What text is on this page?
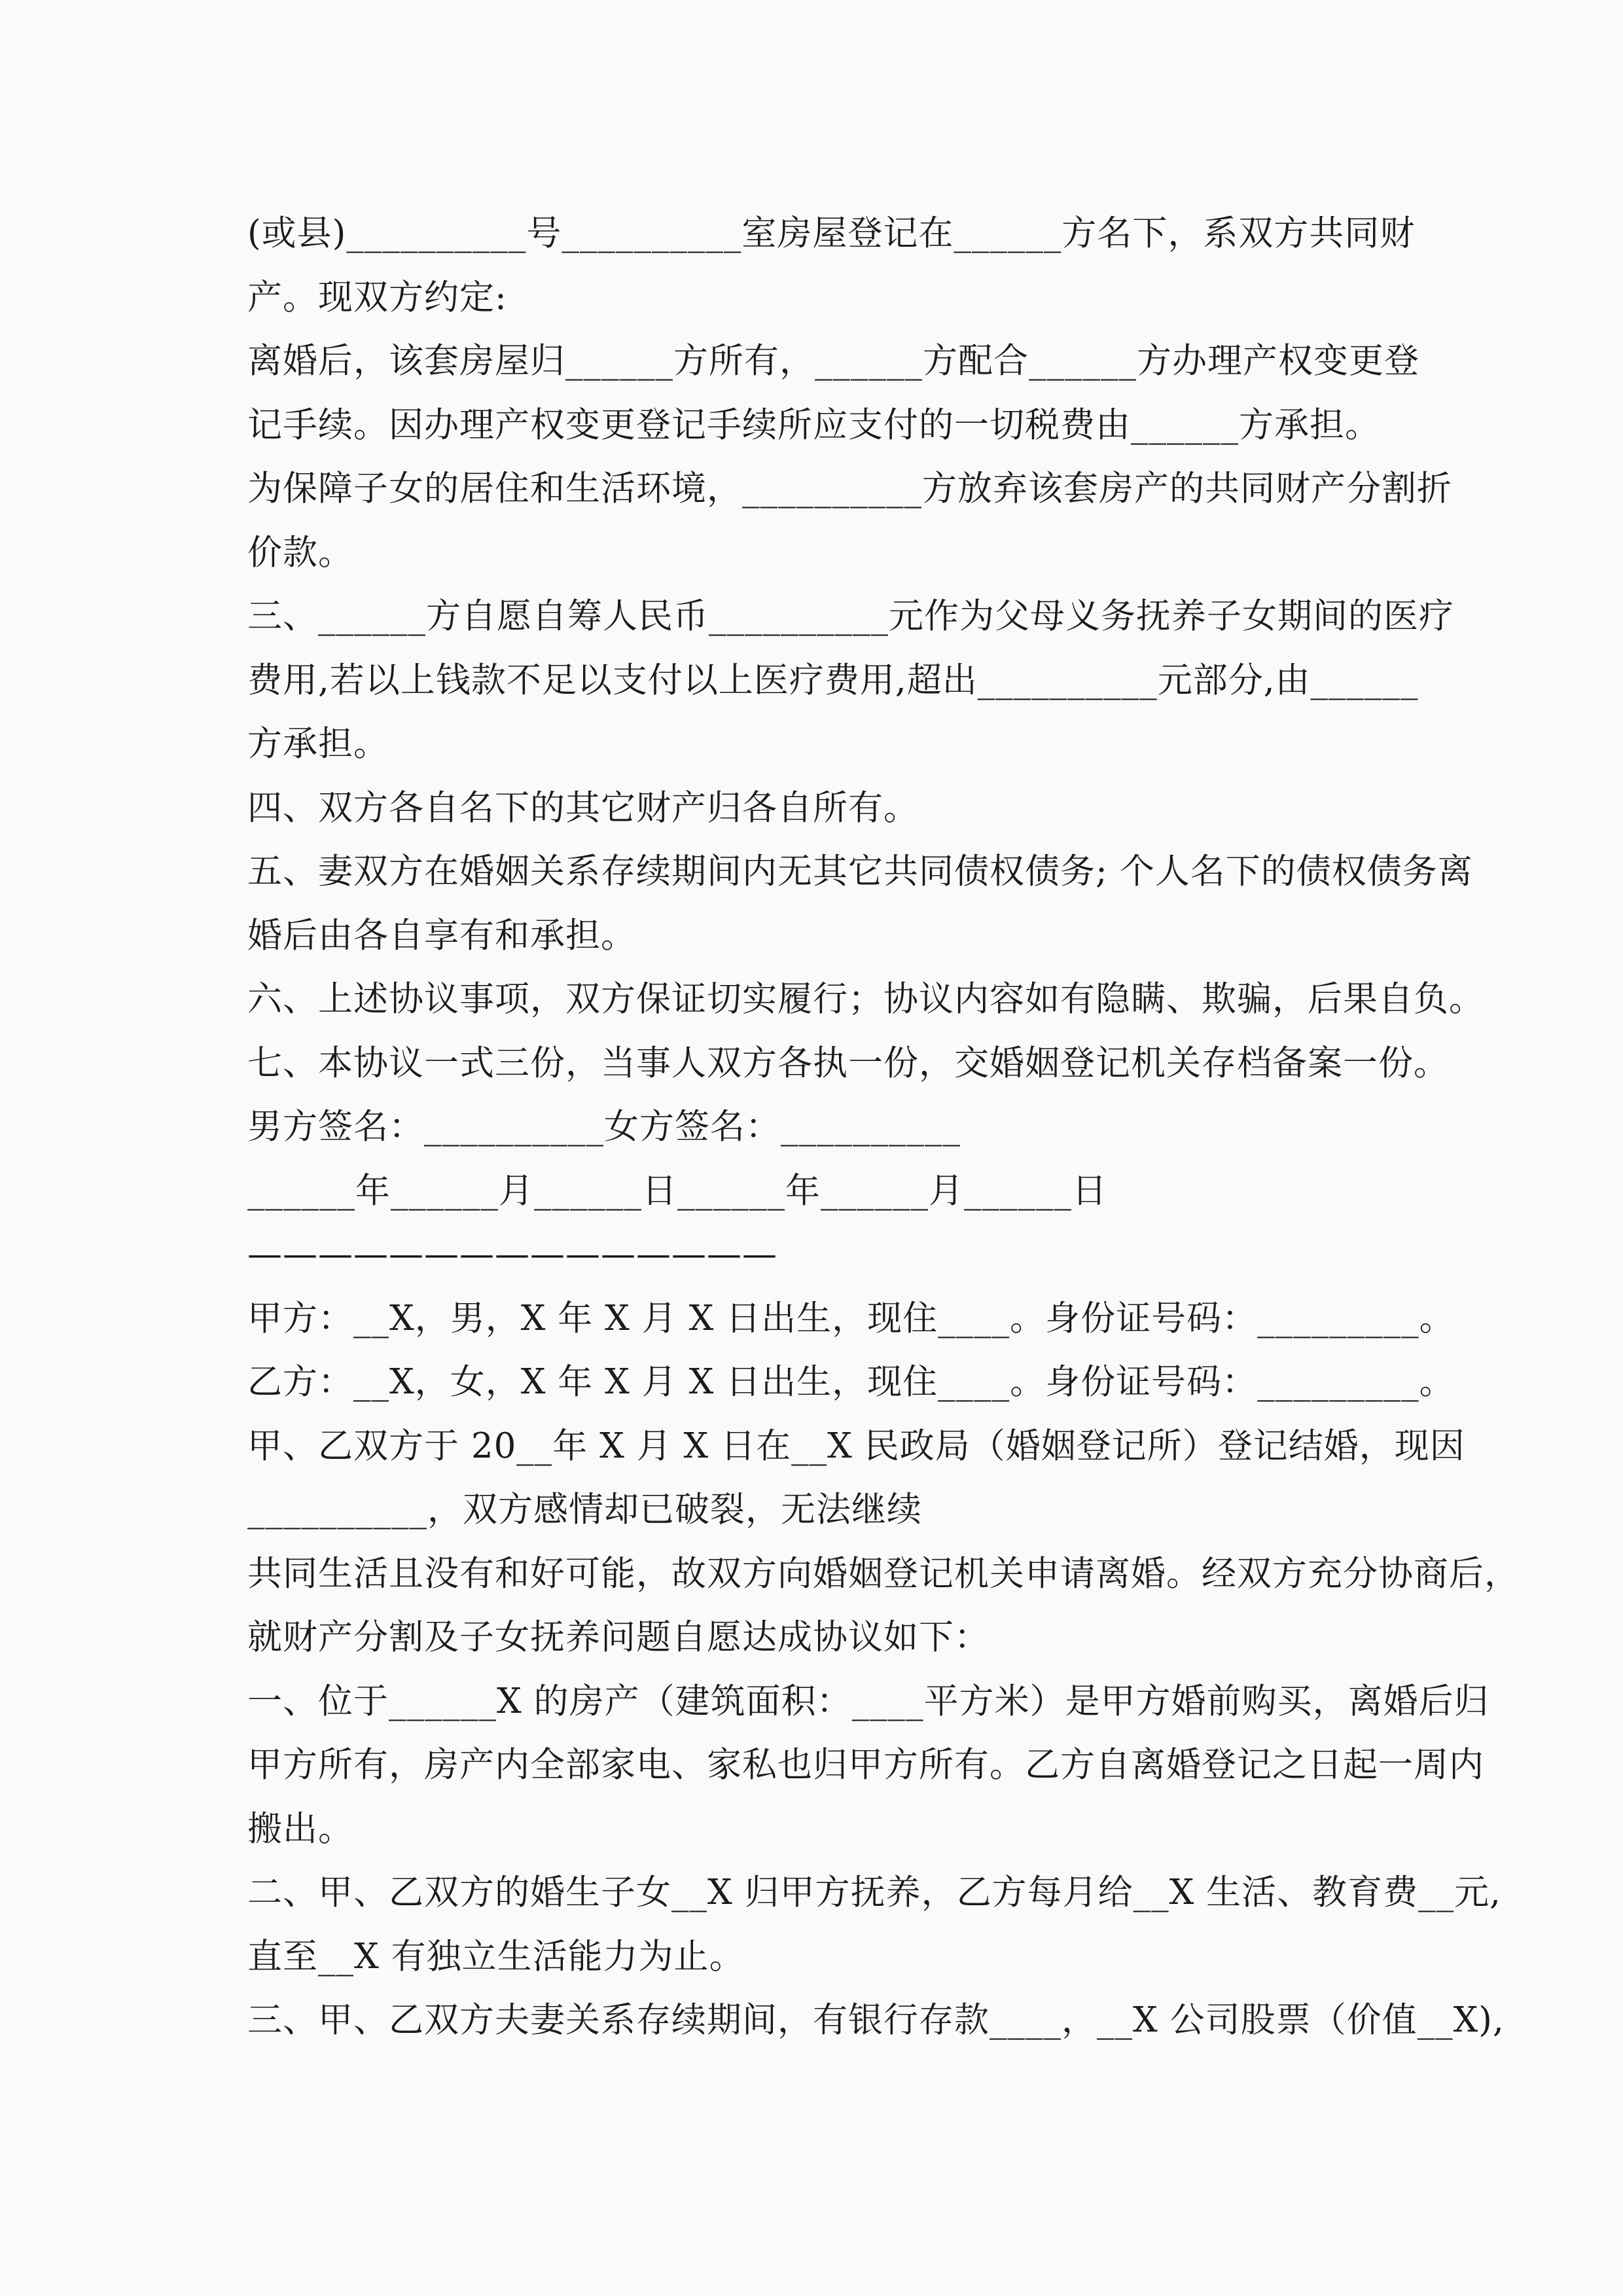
(或县)__________号__________室房屋登记在______方名下，系双方共同财
产。现双方约定:
离婚后，该套房屋归______方所有，______方配合______方办理产权变更登
记手续。因办理产权变更登记手续所应支付的一切税费由______方承担。
为保障子女的居住和生活环境，__________方放弃该套房产的共同财产分割折
价款。
三、______方自愿自筹人民币__________元作为父母义务抚养子女期间的医疗
费用,若以上钱款不足以支付以上医疗费用,超出__________元部分,由______
方承担。
四、双方各自名下的其它财产归各自所有。
五、妻双方在婚姻关系存续期间内无其它共同债权债务; 个人名下的债权债务离
婚后由各自享有和承担。
六、上述协议事项，双方保证切实履行；协议内容如有隐瞒、欺骗，后果自负。
七、本协议一式三份，当事人双方各执一份，交婚姻登记机关存档备案一份。
男方签名：__________女方签名：__________
______年______月______日______年______月______日
———————————————
甲方：__X，男，X 年 X 月 X 日出生，现住____。身份证号码：_________。
乙方：__X，女，X 年 X 月 X 日出生，现住____。身份证号码：_________。
甲、乙双方于 20__年 X 月 X 日在__X 民政局（婚姻登记所）登记结婚，现因
__________，双方感情却已破裂，无法继续
共同生活且没有和好可能，故双方向婚姻登记机关申请离婚。经双方充分协商后，
就财产分割及子女抚养问题自愿达成协议如下：
一、位于______X 的房产（建筑面积：____平方米）是甲方婚前购买，离婚后归
甲方所有，房产内全部家电、家私也归甲方所有。乙方自离婚登记之日起一周内
搬出。
二、甲、乙双方的婚生子女__X 归甲方抚养，乙方每月给__X 生活、教育费__元,
直至__X 有独立生活能力为止。
三、甲、乙双方夫妻关系存续期间，有银行存款____，__X 公司股票（价值__X),
